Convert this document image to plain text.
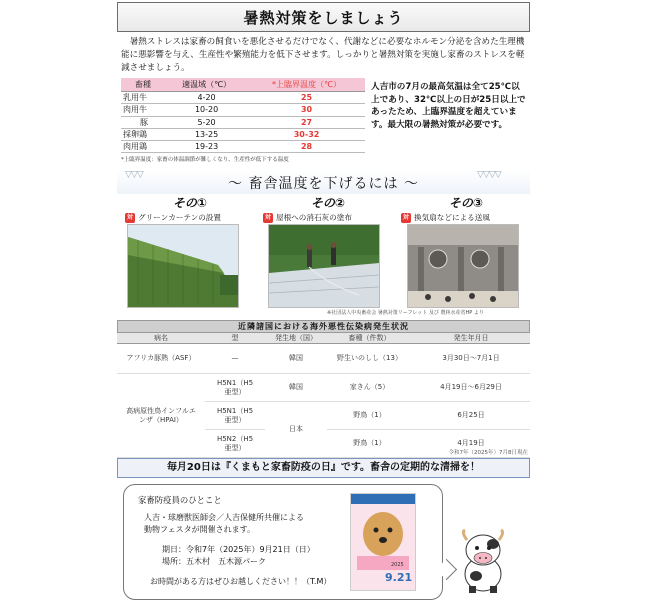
暑熱対策をしましょう
暑熱ストレスは家畜の飼食いを悪化させるだけでなく、代謝などに必要なホルモン分泌を含めた生理機能に悪影響を与え、生産性や繁殖能力を低下させます。しっかりと暑熱対策を実施し家畜のストレスを軽減させましょう。
畜種	適温域（℃）	*上臨界温度（℃）
乳用牛	4-20	25
肉用牛	10-20	30
豚	5-20	27
採卵鶏	13-25	30-32
肉用鶏	19-23	28
*上臨界温度：家畜の体温調節が難しくなり、生産性が低下する温度
人吉市の7月の最高気温は全て25℃以上であり、32℃以上の日が25日以上であったため、上臨界温度を超えています。最大限の暑熱対策が必要です。
▽▽▽	▽▽▽▽
～ 畜舎温度を下げるには ～
その①
対 グリーンカーテンの設置
その②
対 屋根への消石灰の塗布
その③
対 換気扇などによる送風
※社団法人中央畜産会 暑熱対策リーフレット 及び 農林水産省HP より
近隣諸国における海外悪性伝染病発生状況
病名	型	発生地（国）	畜種（件数）	発生年月日
アフリカ豚熱（ASF）	—	韓国	野生いのしし（13）	3月30日～7月1日
高病原性鳥インフルエンザ（HPAI）	H5N1（H5亜型）	韓国	家きん（5）	4月19日～6月29日
	H5N1（H5亜型）	日本	野鳥（1）	6月25日
	H5N2（H5亜型）		野鳥（1）	4月19日
令和7年（2025年）7月8日現在
毎月20日は『くまもと家畜防疫の日』です。畜舎の定期的な清掃を！
家畜防疫員のひとこと
人吉・球磨獣医師会／人吉保健所共催による
動物フェスタが開催されます。
期日：令和7年（2025年）9月21日（日）
場所：五木村　五木源パーク
お時間がある方はぜひお越しください！！（T.M）	9.21
2025
